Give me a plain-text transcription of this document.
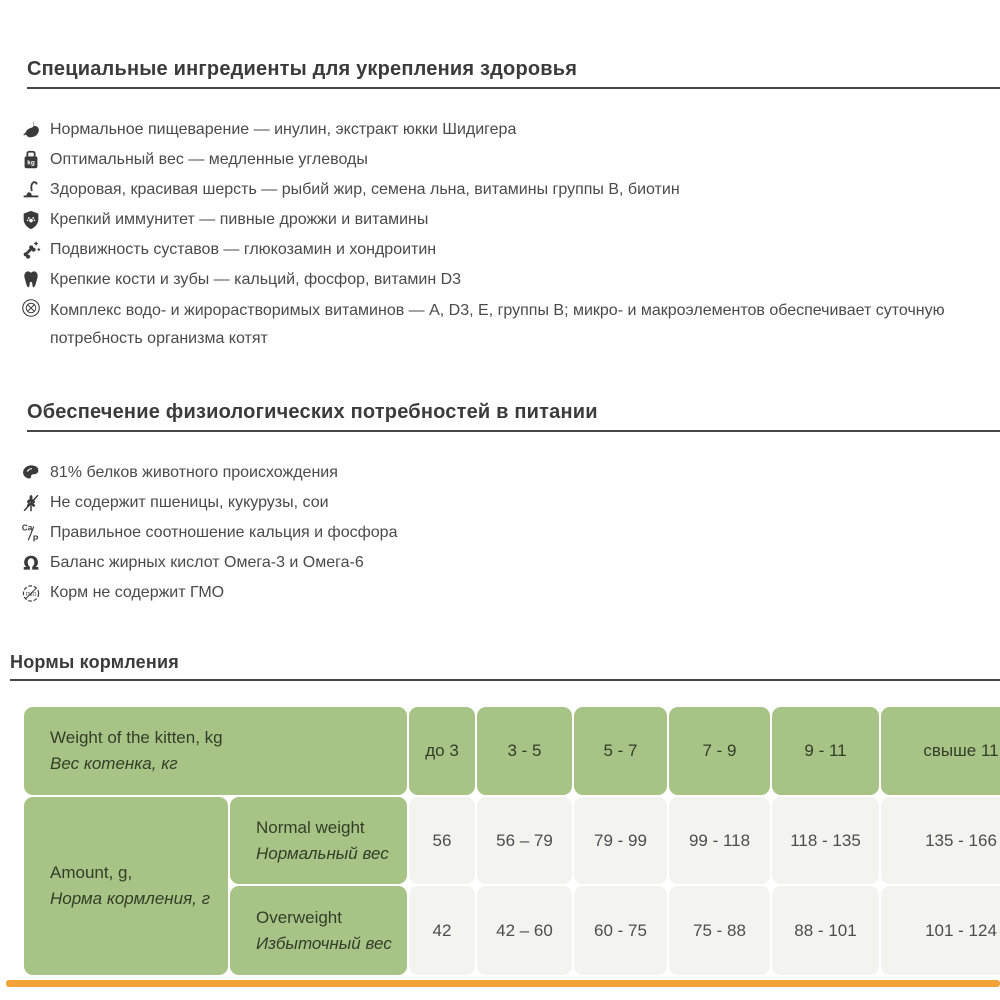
Специальные ингредиенты для укрепления здоровья
Нормальное пищеварение — инулин, экстракт юкки Шидигера
kg Оптимальный вес — медленные углеводы
Здоровая, красивая шерсть — рыбий жир, семена льна, витамины группы B, биотин
Крепкий иммунитет — пивные дрожжи и витамины
Подвижность суставов — глюкозамин и хондроитин
Крепкие кости и зубы — кальций, фосфор, витамин D3
Комплекс водо- и жирорастворимых витаминов — A, D3, E, группы B; микро- и макроэлементов обеспечивает суточную
потребность организма котят
Обеспечение физиологических потребностей в питании
81% белков животного происхождения
Не содержит пшеницы, кукурузы, сои
Ca
P Правильное соотношение кальция и фосфора
Ω Баланс жирных кислот Омега-3 и Омега-6
ГМО Корм не содержит ГМО
Нормы кормления
Weight of the kitten, kg
Вес котенка, кг
до 3	3 - 5	5 - 7	7 - 9	9 - 11	свыше 11
Amount, g,
Норма кормления, г
Normal weight
Нормальный вес
56	56 – 79	79 - 99	99 - 118	118 - 135	135 - 166
Overweight
Избыточный вес
42	42 – 60	60 - 75	75 - 88	88 - 101	101 - 124
